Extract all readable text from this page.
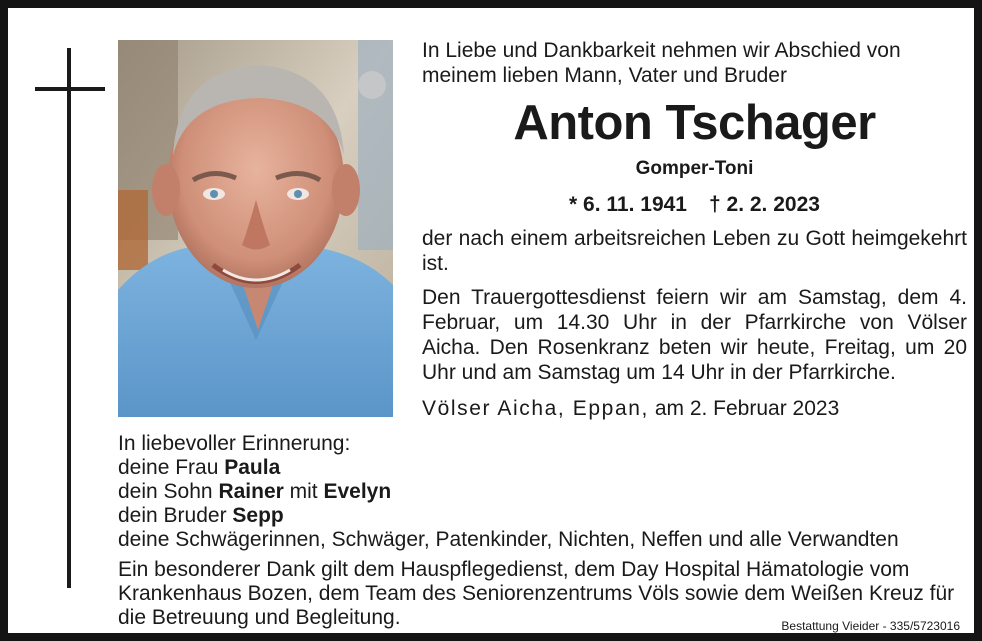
In Liebe und Dankbarkeit nehmen wir Abschied von meinem lieben Mann, Vater und Bruder

Anton Tschager

Gomper-Toni

* 6. 11. 1941 † 2. 2. 2023

der nach einem arbeitsreichen Leben zu Gott heimgekehrt ist.

Den Trauergottesdienst feiern wir am Samstag, dem 4. Februar, um 14.30 Uhr in der Pfarrkirche von Völser Aicha. Den Rosenkranz beten wir heute, Freitag, um 20 Uhr und am Samstag um 14 Uhr in der Pfarrkirche.

Völser Aicha, Eppan, am 2. Februar 2023

In liebevoller Erinnerung:

deine Frau Paula

dein Sohn Rainer mit Evelyn

dein Bruder Sepp

deine Schwägerinnen, Schwäger, Patenkinder, Nichten, Neffen und alle Verwandten

Ein besonderer Dank gilt dem Hauspflegedienst, dem Day Hospital Hämatologie vom Krankenhaus Bozen, dem Team des Seniorenzentrums Völs sowie dem Weißen Kreuz für die Betreuung und Begleitung.	Bestattung Vieider - 335/5723016
